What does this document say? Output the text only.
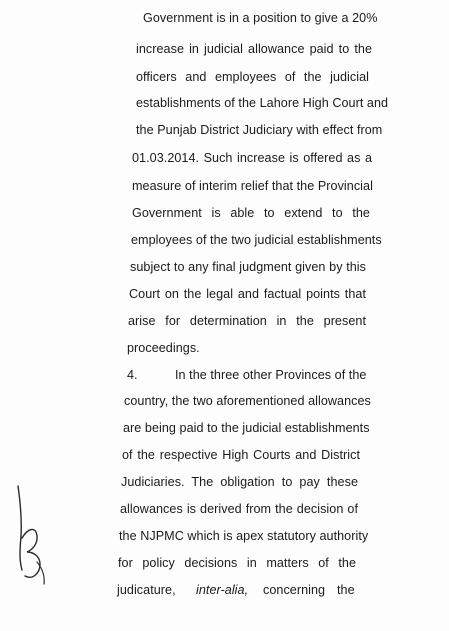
Government is in a position to give a 20%
increase in judicial allowance paid to the
officers and employees of the judicial
establishments of the Lahore High Court and
the Punjab District Judiciary with effect from
01.03.2014. Such increase is offered as a
measure of interim relief that the Provincial
Government is able to extend to the
employees of the two judicial establishments
subject to any final judgment given by this
Court on the legal and factual points that
arise for determination in the present
proceedings.
4.	In the three other Provinces of the
country, the two aforementioned allowances
are being paid to the judicial establishments
of the respective High Courts and District
Judiciaries. The obligation to pay these
allowances is derived from the decision of
the NJPMC which is apex statutory authority
for policy decisions in matters of the
judicature, inter-alia, concerning the
